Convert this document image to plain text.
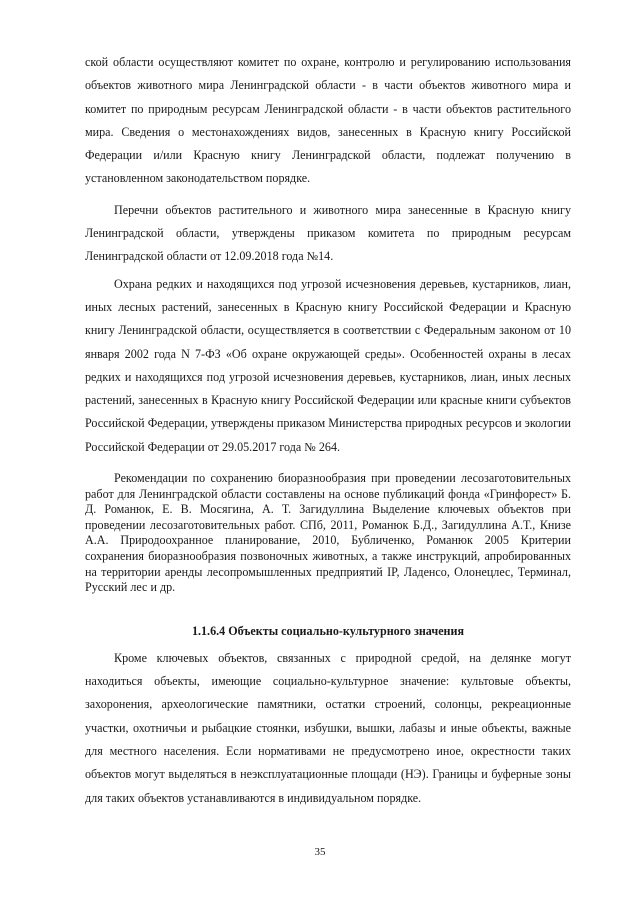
ской области осуществляют комитет по охране, контролю и регулированию использования объектов животного мира Ленинградской области - в части объектов животного мира и комитет по природным ресурсам Ленинградской области - в части объектов растительного мира. Сведения о местонахождениях видов, занесенных в Красную книгу Российской Федерации и/или Красную книгу Ленинградской области, подлежат получению в установленном законодательством порядке.

Перечни объектов растительного и животного мира занесенные в Красную книгу Ленинградской области, утверждены приказом комитета по природным ресурсам Ленинградской области от 12.09.2018 года №14.

Охрана редких и находящихся под угрозой исчезновения деревьев, кустарников, лиан, иных лесных растений, занесенных в Красную книгу Российской Федерации и Красную книгу Ленинградской области, осуществляется в соответствии с Федеральным законом от 10 января 2002 года N 7-ФЗ «Об охране окружающей среды». Особенностей охраны в лесах редких и находящихся под угрозой исчезновения деревьев, кустарников, лиан, иных лесных растений, занесенных в Красную книгу Российской Федерации или красные книги субъектов Российской Федерации, утверждены приказом Министерства природных ресурсов и экологии Российской Федерации от 29.05.2017 года № 264.

Рекомендации по сохранению биоразнообразия при проведении лесозаготовительных работ для Ленинградской области составлены на основе публикаций фонда «Гринфорест» Б. Д. Романюк, Е. В. Мосягина, А. Т. Загидуллина Выделение ключевых объектов при проведении лесозаготовительных работ. СПб, 2011, Романюк Б.Д., Загидуллина А.Т., Книзе А.А. Природоохранное планирование, 2010, Бубличенко, Романюк 2005 Критерии сохранения биоразнообразия позвоночных животных, а также инструкций, апробированных на территории аренды лесопромышленных предприятий IP, Ладенсо, Олонецлес, Терминал, Русский лес и др.

1.1.6.4 Объекты социально-культурного значения

Кроме ключевых объектов, связанных с природной средой, на делянке могут находиться объекты, имеющие социально-культурное значение: культовые объекты, захоронения, археологические памятники, остатки строений, солонцы, рекреационные участки, охотничьи и рыбацкие стоянки, избушки, вышки, лабазы и иные объекты, важные для местного населения. Если нормативами не предусмотрено иное, окрестности таких объектов могут выделяться в неэксплуатационные площади (НЭ). Границы и буферные зоны для таких объектов устанавливаются в индивидуальном порядке.

35
